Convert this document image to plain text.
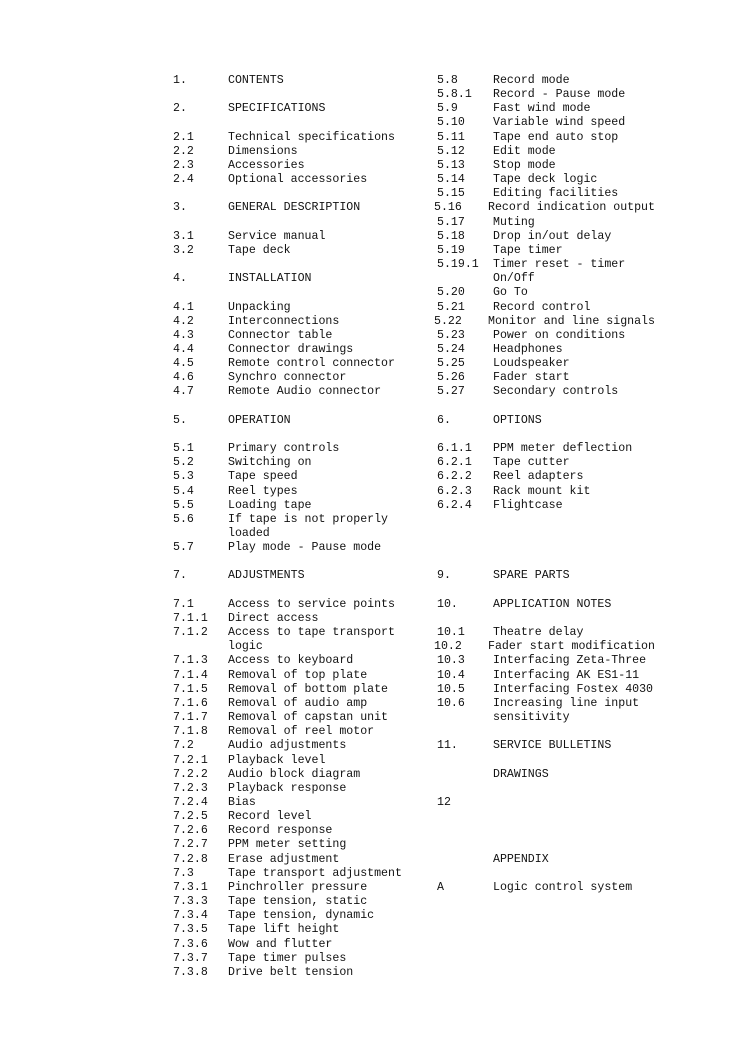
1.	CONTENTS
2.	SPECIFICATIONS
2.1	Technical specifications
2.2	Dimensions
2.3	Accessories
2.4	Optional accessories
3.	GENERAL DESCRIPTION
3.1	Service manual
3.2	Tape deck
4.	INSTALLATION
4.1	Unpacking
4.2	Interconnections
4.3	Connector table
4.4	Connector drawings
4.5	Remote control connector
4.6	Synchro connector
4.7	Remote Audio connector
5.	OPERATION
5.1	Primary controls
5.2	Switching on
5.3	Tape speed
5.4	Reel types
5.5	Loading tape
5.6	If tape is not properly
loaded
5.7	Play mode - Pause mode
7.	ADJUSTMENTS
7.1	Access to service points
7.1.1 Direct access
7.1.2 Access to tape transport
logic
7.1.3 Access to keyboard
7.1.4 Removal of top plate
7.1.5 Removal of bottom plate
7.1.6 Removal of audio amp
7.1.7 Removal of capstan unit
7.1.8 Removal of reel motor
7.2	Audio adjustments
7.2.1 Playback level
7.2.2 Audio block diagram
7.2.3 Playback response
7.2.4 Bias
7.2.5 Record level
7.2.6 Record response
7.2.7 PPM meter setting
7.2.8 Erase adjustment
7.3	Tape transport adjustment
7.3.1 Pinchroller pressure
7.3.3 Tape tension, static
7.3.4 Tape tension, dynamic
7.3.5 Tape lift height
7.3.6 Wow and flutter
7.3.7 Tape timer pulses
7.3.8 Drive belt tension
5.8	Record mode
5.8.1 Record - Pause mode
5.9	Fast wind mode
5.10 Variable wind speed
5.11 Tape end auto stop
5.12 Edit mode
5.13 Stop mode
5.14 Tape deck logic
5.15 Editing facilities
5.16 Record indication output
5.17 Muting
5.18 Drop in/out delay
5.19 Tape timer
5.19.1 Timer reset - timer
On/Off
5.20 Go To
5.21 Record control
5.22 Monitor and line signals
5.23 Power on conditions
5.24 Headphones
5.25 Loudspeaker
5.26 Fader start
5.27 Secondary controls
6.	OPTIONS
6.1.1 PPM meter deflection
6.2.1 Tape cutter
6.2.2 Reel adapters
6.2.3 Rack mount kit
6.2.4 Flightcase
9.	SPARE PARTS
10.	APPLICATION NOTES
10.1 Theatre delay
10.2 Fader start modification
10.3 Interfacing Zeta-Three
10.4 Interfacing AK ES1-11
10.5 Interfacing Fostex 4030
10.6 Increasing line input
sensitivity
11.	SERVICE BULLETINS
DRAWINGS
12
APPENDIX
A	Logic control system
